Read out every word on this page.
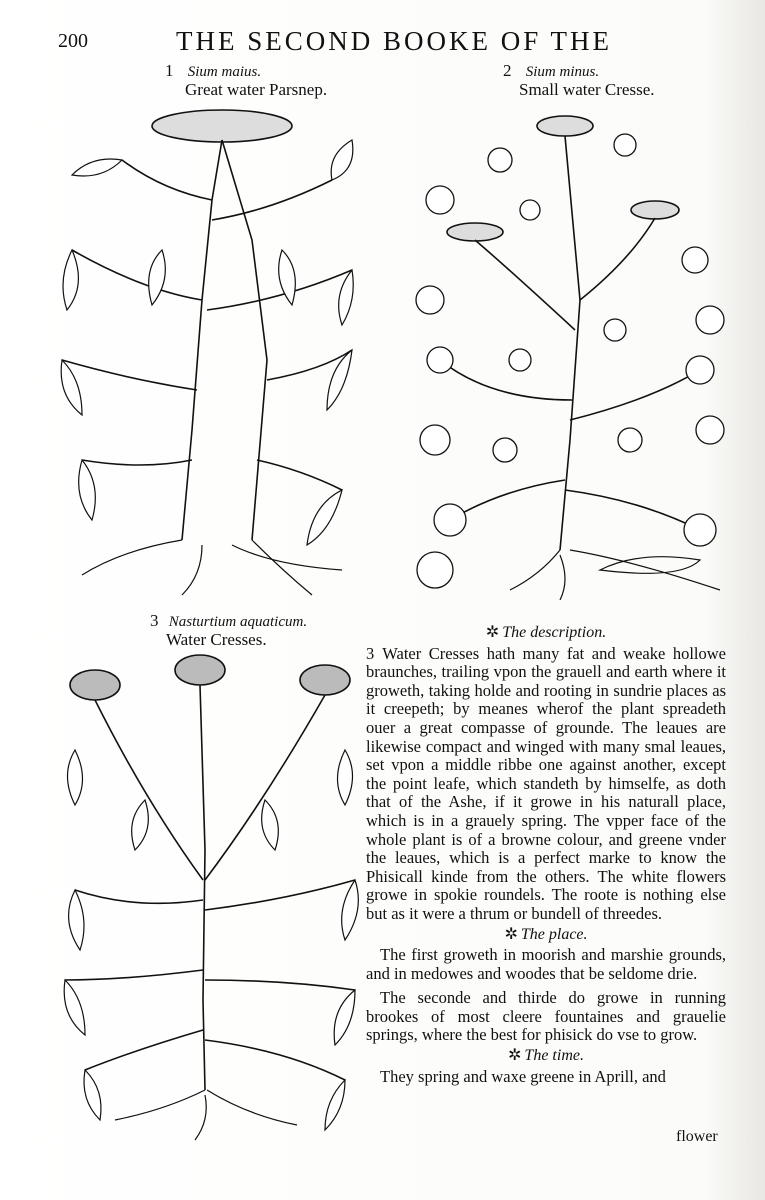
200	THE SECOND BOOKE OF THE
1 Sium maius.
Great water Parsnep.
2 Sium minus.
Small water Cresse.
3 Nasturtium aquaticum.
Water Cresses.	✲ The description.

3 Water Cresses hath many fat and weake hollowe braunches, trailing vpon the grauell and earth where it groweth, taking holde and rooting in sundrie places as it creepeth; by meanes wherof the plant spreadeth ouer a great compasse of grounde. The leaues are likewise compact and winged with many smal leaues, set vpon a middle ribbe one against another, except the point leafe, which standeth by himselfe, as doth that of the Ashe, if it growe in his naturall place, which is in a grauely spring. The vpper face of the whole plant is of a browne colour, and greene vnder the leaues, which is a perfect marke to know the Phisicall kinde from the others. The white flowers growe in spokie roundels. The roote is nothing else but as it were a thrum or bundell of threedes.

✲ The place.

The first groweth in moorish and marshie grounds, and in medowes and woodes that be seldome drie.

The seconde and thirde do growe in running brookes of most cleere fountaines and grauelie springs, where the best for phisick do vse to grow.

✲ The time.

They spring and waxe greene in Aprill, and

flower
